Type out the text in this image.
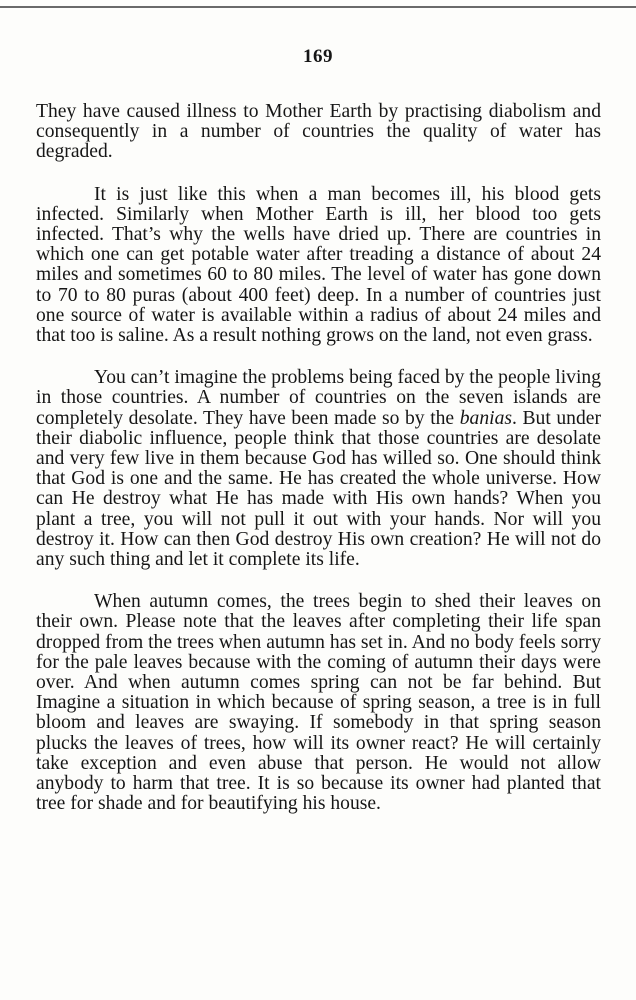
169

They have caused illness to Mother Earth by practising diabolism and consequently in a number of countries the quality of water has degraded.

It is just like this when a man becomes ill, his blood gets infected. Similarly when Mother Earth is ill, her blood too gets infected. That’s why the wells have dried up. There are countries in which one can get potable water after treading a distance of about 24 miles and sometimes 60 to 80 miles. The level of water has gone down to 70 to 80 puras (about 400 feet) deep. In a number of countries just one source of water is available within a radius of about 24 miles and that too is saline. As a result nothing grows on the land, not even grass.

You can’t imagine the problems being faced by the people living in those countries. A number of countries on the seven islands are completely desolate. They have been made so by the banias. But under their diabolic influence, people think that those countries are desolate and very few live in them because God has willed so. One should think that God is one and the same. He has created the whole universe. How can He destroy what He has made with His own hands? When you plant a tree, you will not pull it out with your hands. Nor will you destroy it. How can then God destroy His own creation? He will not do any such thing and let it complete its life.

When autumn comes, the trees begin to shed their leaves on their own. Please note that the leaves after completing their life span dropped from the trees when autumn has set in. And no body feels sorry for the pale leaves because with the coming of autumn their days were over. And when autumn comes spring can not be far behind. But Imagine a situation in which because of spring season, a tree is in full bloom and leaves are swaying. If somebody in that spring season plucks the leaves of trees, how will its owner react? He will certainly take exception and even abuse that person. He would not allow anybody to harm that tree. It is so because its owner had planted that tree for shade and for beautifying his house.
